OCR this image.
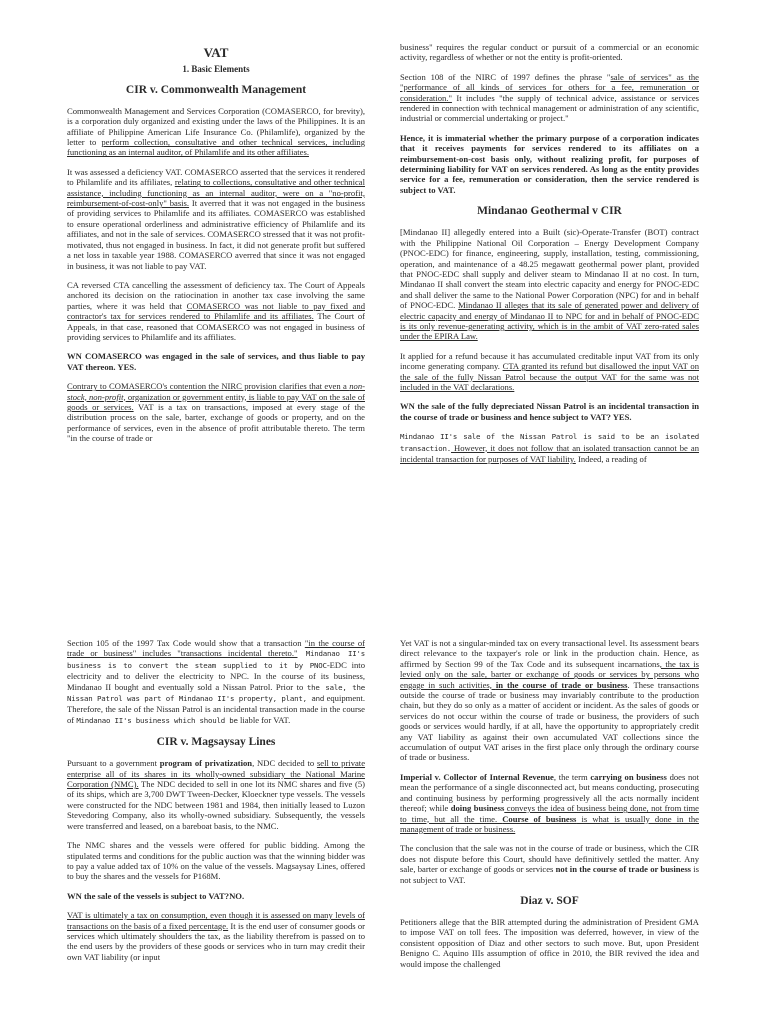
VAT
1. Basic Elements
CIR v. Commonwealth Management

Commonwealth Management and Services Corporation (COMASERCO, for brevity), is a corporation duly organized and existing under the laws of the Philippines. It is an affiliate of Philippine American Life Insurance Co. (Philamlife), organized by the letter to perform collection, consultative and other technical services, including functioning as an internal auditor, of Philamlife and its other affiliates.

It was assessed a deficiency VAT. COMASERCO asserted that the services it rendered to Philamlife and its affiliates, relating to collections, consultative and other technical assistance, including functioning as an internal auditor, were on a "no-profit, reimbursement-of-cost-only" basis. It averred that it was not engaged in the business of providing services to Philamlife and its affiliates. COMASERCO was established to ensure operational orderliness and administrative efficiency of Philamlife and its affiliates, and not in the sale of services. COMASERCO stressed that it was not profit-motivated, thus not engaged in business. In fact, it did not generate profit but suffered a net loss in taxable year 1988. COMASERCO averred that since it was not engaged in business, it was not liable to pay VAT.

CA reversed CTA cancelling the assessment of deficiency tax. The Court of Appeals anchored its decision on the ratiocination in another tax case involving the same parties, where it was held that COMASERCO was not liable to pay fixed and contractor's tax for services rendered to Philamlife and its affiliates. The Court of Appeals, in that case, reasoned that COMASERCO was not engaged in business of providing services to Philamlife and its affiliates.

WN COMASERCO was engaged in the sale of services, and thus liable to pay VAT thereon. YES.

Contrary to COMASERCO's contention the NIRC provision clarifies that even a non-stock, non-profit, organization or government entity, is liable to pay VAT on the sale of goods or services. VAT is a tax on transactions, imposed at every stage of the distribution process on the sale, barter, exchange of goods or property, and on the performance of services, even in the absence of profit attributable thereto. The term "in the course of trade or

business" requires the regular conduct or pursuit of a commercial or an economic activity, regardless of whether or not the entity is profit-oriented.

Section 108 of the NIRC of 1997 defines the phrase "sale of services" as the "performance of all kinds of services for others for a fee, remuneration or consideration." It includes "the supply of technical advice, assistance or services rendered in connection with technical management or administration of any scientific, industrial or commercial undertaking or project."

Hence, it is immaterial whether the primary purpose of a corporation indicates that it receives payments for services rendered to its affiliates on a reimbursement-on-cost basis only, without realizing profit, for purposes of determining liability for VAT on services rendered. As long as the entity provides service for a fee, remuneration or consideration, then the service rendered is subject to VAT.

Mindanao Geothermal v CIR

[Mindanao II] allegedly entered into a Built (sic)-Operate-Transfer (BOT) contract with the Philippine National Oil Corporation – Energy Development Company (PNOC-EDC) for finance, engineering, supply, installation, testing, commissioning, operation, and maintenance of a 48.25 megawatt geothermal power plant, provided that PNOC-EDC shall supply and deliver steam to Mindanao II at no cost. In turn, Mindanao II shall convert the steam into electric capacity and energy for PNOC-EDC and shall deliver the same to the National Power Corporation (NPC) for and in behalf of PNOC-EDC. Mindanao II alleges that its sale of generated power and delivery of electric capacity and energy of Mindanao II to NPC for and in behalf of PNOC-EDC is its only revenue-generating activity, which is in the ambit of VAT zero-rated sales under the EPIRA Law.

It applied for a refund because it has accumulated creditable input VAT from its only income generating company. CTA granted its refund but disallowed the input VAT on the sale of the fully Nissan Patrol because the output VAT for the same was not included in the VAT declarations.

WN the sale of the fully depreciated Nissan Patrol is an incidental transaction in the course of trade or business and hence subject to VAT? YES.

Mindanao II's sale of the Nissan Patrol is said to be an isolated transaction. However, it does not follow that an isolated transaction cannot be an incidental transaction for purposes of VAT liability. Indeed, a reading of

Section 105 of the 1997 Tax Code would show that a transaction "in the course of trade or business" includes "transactions incidental thereto." Mindanao II's business is to convert the steam supplied to it by PNOC-EDC into electricity and to deliver the electricity to NPC. In the course of its business, Mindanao II bought and eventually sold a Nissan Patrol. Prior to the sale, the Nissan Patrol was part of Mindanao II's property, plant, and equipment. Therefore, the sale of the Nissan Patrol is an incidental transaction made in the course of Mindanao II's business which should be liable for VAT.

CIR v. Magsaysay Lines

Pursuant to a government program of privatization, NDC decided to sell to private enterprise all of its shares in its wholly-owned subsidiary the National Marine Corporation (NMC). The NDC decided to sell in one lot its NMC shares and five (5) of its ships, which are 3,700 DWT Tween-Decker, Kloeckner type vessels. The vessels were constructed for the NDC between 1981 and 1984, then initially leased to Luzon Stevedoring Company, also its wholly-owned subsidiary. Subsequently, the vessels were transferred and leased, on a bareboat basis, to the NMC.

The NMC shares and the vessels were offered for public bidding. Among the stipulated terms and conditions for the public auction was that the winning bidder was to pay a value added tax of 10% on the value of the vessels. Magsaysay Lines, offered to buy the shares and the vessels for P168M.

WN the sale of the vessels is subject to VAT?NO.

VAT is ultimately a tax on consumption, even though it is assessed on many levels of transactions on the basis of a fixed percentage. It is the end user of consumer goods or services which ultimately shoulders the tax, as the liability therefrom is passed on to the end users by the providers of these goods or services who in turn may credit their own VAT liability (or input

Yet VAT is not a singular-minded tax on every transactional level. Its assessment bears direct relevance to the taxpayer's role or link in the production chain. Hence, as affirmed by Section 99 of the Tax Code and its subsequent incarnations, the tax is levied only on the sale, barter or exchange of goods or services by persons who engage in such activities, in the course of trade or business. These transactions outside the course of trade or business may invariably contribute to the production chain, but they do so only as a matter of accident or incident. As the sales of goods or services do not occur within the course of trade or business, the providers of such goods or services would hardly, if at all, have the opportunity to appropriately credit any VAT liability as against their own accumulated VAT collections since the accumulation of output VAT arises in the first place only through the ordinary course of trade or business.

Imperial v. Collector of Internal Revenue, the term carrying on business does not mean the performance of a single disconnected act, but means conducting, prosecuting and continuing business by performing progressively all the acts normally incident thereof; while doing business conveys the idea of business being done, not from time to time, but all the time. Course of business is what is usually done in the management of trade or business.

The conclusion that the sale was not in the course of trade or business, which the CIR does not dispute before this Court, should have definitively settled the matter. Any sale, barter or exchange of goods or services not in the course of trade or business is not subject to VAT.

Diaz v. SOF

Petitioners allege that the BIR attempted during the administration of President GMA to impose VAT on toll fees. The imposition was deferred, however, in view of the consistent opposition of Diaz and other sectors to such move. But, upon President Benigno C. Aquino IIIs assumption of office in 2010, the BIR revived the idea and would impose the challenged
